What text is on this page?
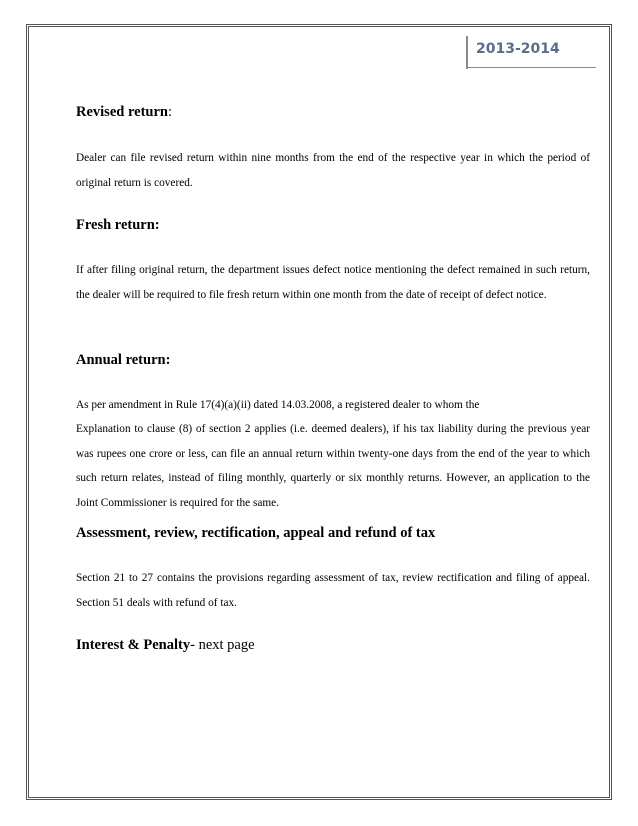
2013-2014
Revised return:

Dealer can file revised return within nine months from the end of the respective year in which the period of original return is covered.

Fresh return:

If after filing original return, the department issues defect notice mentioning the defect remained in such return, the dealer will be required to file fresh return within one month from the date of receipt of defect notice.

Annual return:

As per amendment in Rule 17(4)(a)(ii) dated 14.03.2008, a registered dealer to whom the

Explanation to clause (8) of section 2 applies (i.e. deemed dealers), if his tax liability during the previous year was rupees one crore or less, can file an annual return within twenty-one days from the end of the year to which such return relates, instead of filing monthly, quarterly or six monthly returns. However, an application to the Joint Commissioner is required for the same.

Assessment, review, rectification, appeal and refund of tax

Section 21 to 27 contains the provisions regarding assessment of tax, review rectification and filing of appeal. Section 51 deals with refund of tax.

Interest & Penalty- next page
